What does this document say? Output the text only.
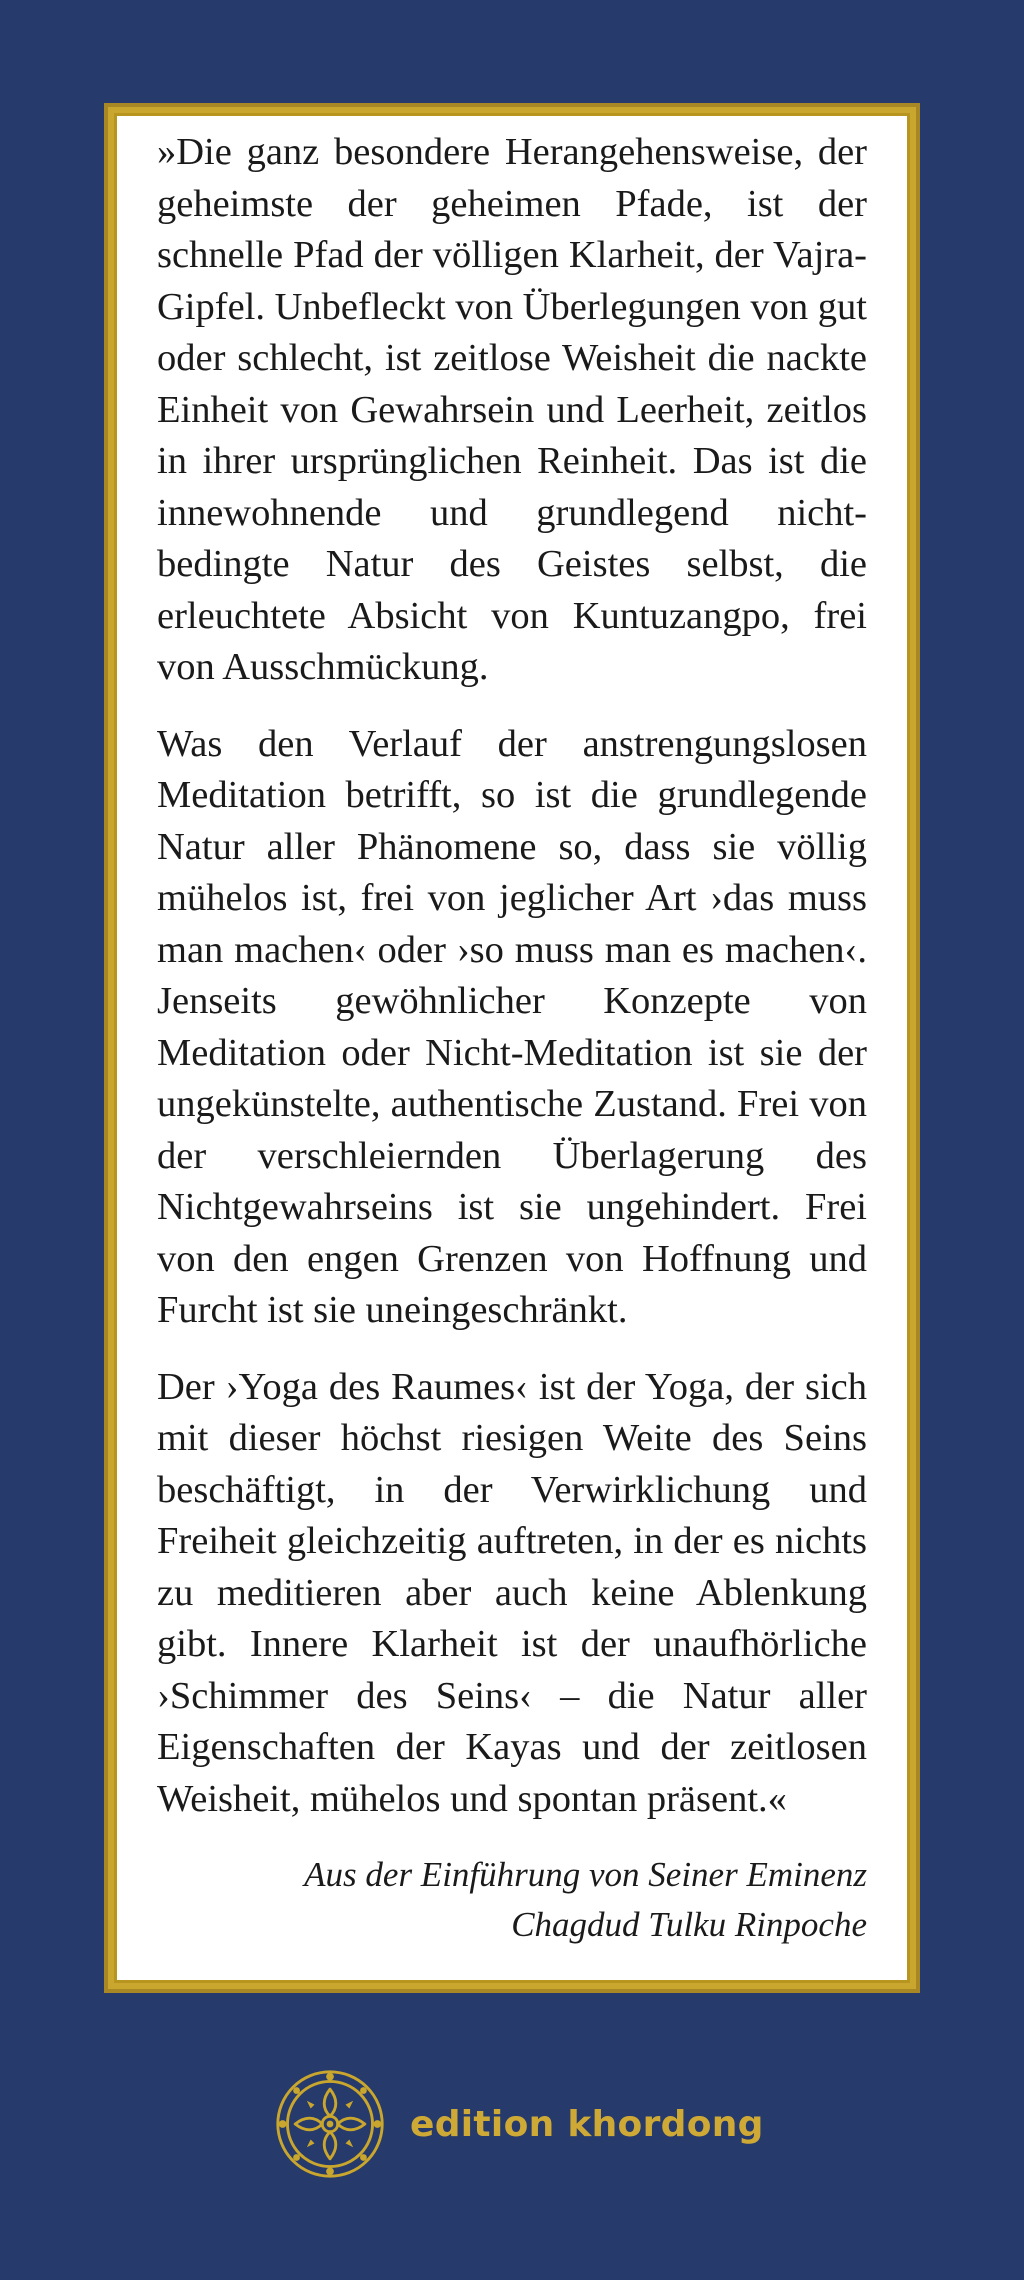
»Die ganz besondere Herangehensweise, der geheimste der geheimen Pfade, ist der schnelle Pfad der völligen Klarheit, der Vajra-Gipfel. Unbefleckt von Überlegungen von gut oder schlecht, ist zeitlose Weisheit die nackte Einheit von Gewahrsein und Leerheit, zeitlos in ihrer ursprünglichen Reinheit. Das ist die innewohnende und grundlegend nicht-bedingte Natur des Geistes selbst, die erleuchtete Absicht von Kuntuzangpo, frei von Ausschmückung.

Was den Verlauf der anstrengungslosen Meditation betrifft, so ist die grundlegende Natur aller Phänomene so, dass sie völlig mühelos ist, frei von jeglicher Art ›das muss man machen‹ oder ›so muss man es machen‹. Jenseits gewöhnlicher Konzepte von Meditation oder Nicht-Meditation ist sie der ungekünstelte, authentische Zustand. Frei von der verschleiernden Überlagerung des Nichtgewahrseins ist sie ungehindert. Frei von den engen Grenzen von Hoffnung und Furcht ist sie uneingeschränkt.

Der ›Yoga des Raumes‹ ist der Yoga, der sich mit dieser höchst riesigen Weite des Seins beschäftigt, in der Verwirklichung und Freiheit gleichzeitig auftreten, in der es nichts zu meditieren aber auch keine Ablenkung gibt. Innere Klarheit ist der unaufhörliche ›Schimmer des Seins‹ – die Natur aller Eigenschaften der Kayas und der zeitlosen Weisheit, mühelos und spontan präsent.«

Aus der Einführung von Seiner Eminenz
Chagdud Tulku Rinpoche
edition khordong
